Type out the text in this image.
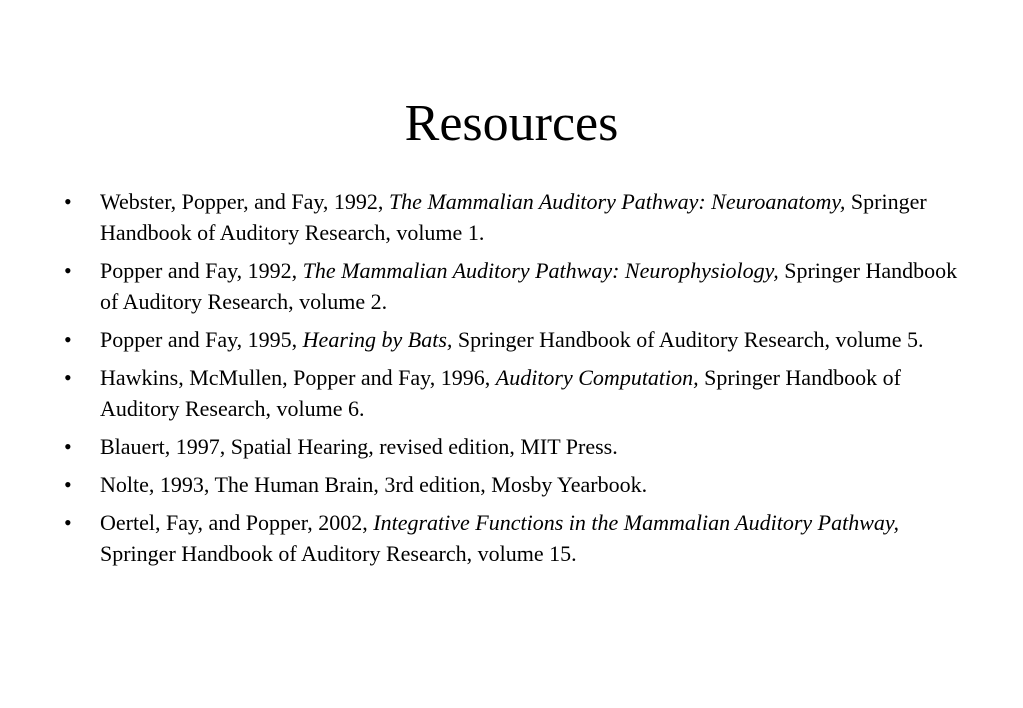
Resources
• Webster, Popper, and Fay, 1992, The Mammalian Auditory Pathway: Neuroanatomy, Springer Handbook of Auditory Research, volume 1.
• Popper and Fay, 1992, The Mammalian Auditory Pathway: Neurophysiology, Springer Handbook of Auditory Research, volume 2.
• Popper and Fay, 1995, Hearing by Bats, Springer Handbook of Auditory Research, volume 5.
• Hawkins, McMullen, Popper and Fay, 1996, Auditory Computation, Springer Handbook of Auditory Research, volume 6.
• Blauert, 1997, Spatial Hearing, revised edition, MIT Press.
• Nolte, 1993, The Human Brain, 3rd edition, Mosby Yearbook.
• Oertel, Fay, and Popper, 2002, Integrative Functions in the Mammalian Auditory Pathway, Springer Handbook of Auditory Research, volume 15.
